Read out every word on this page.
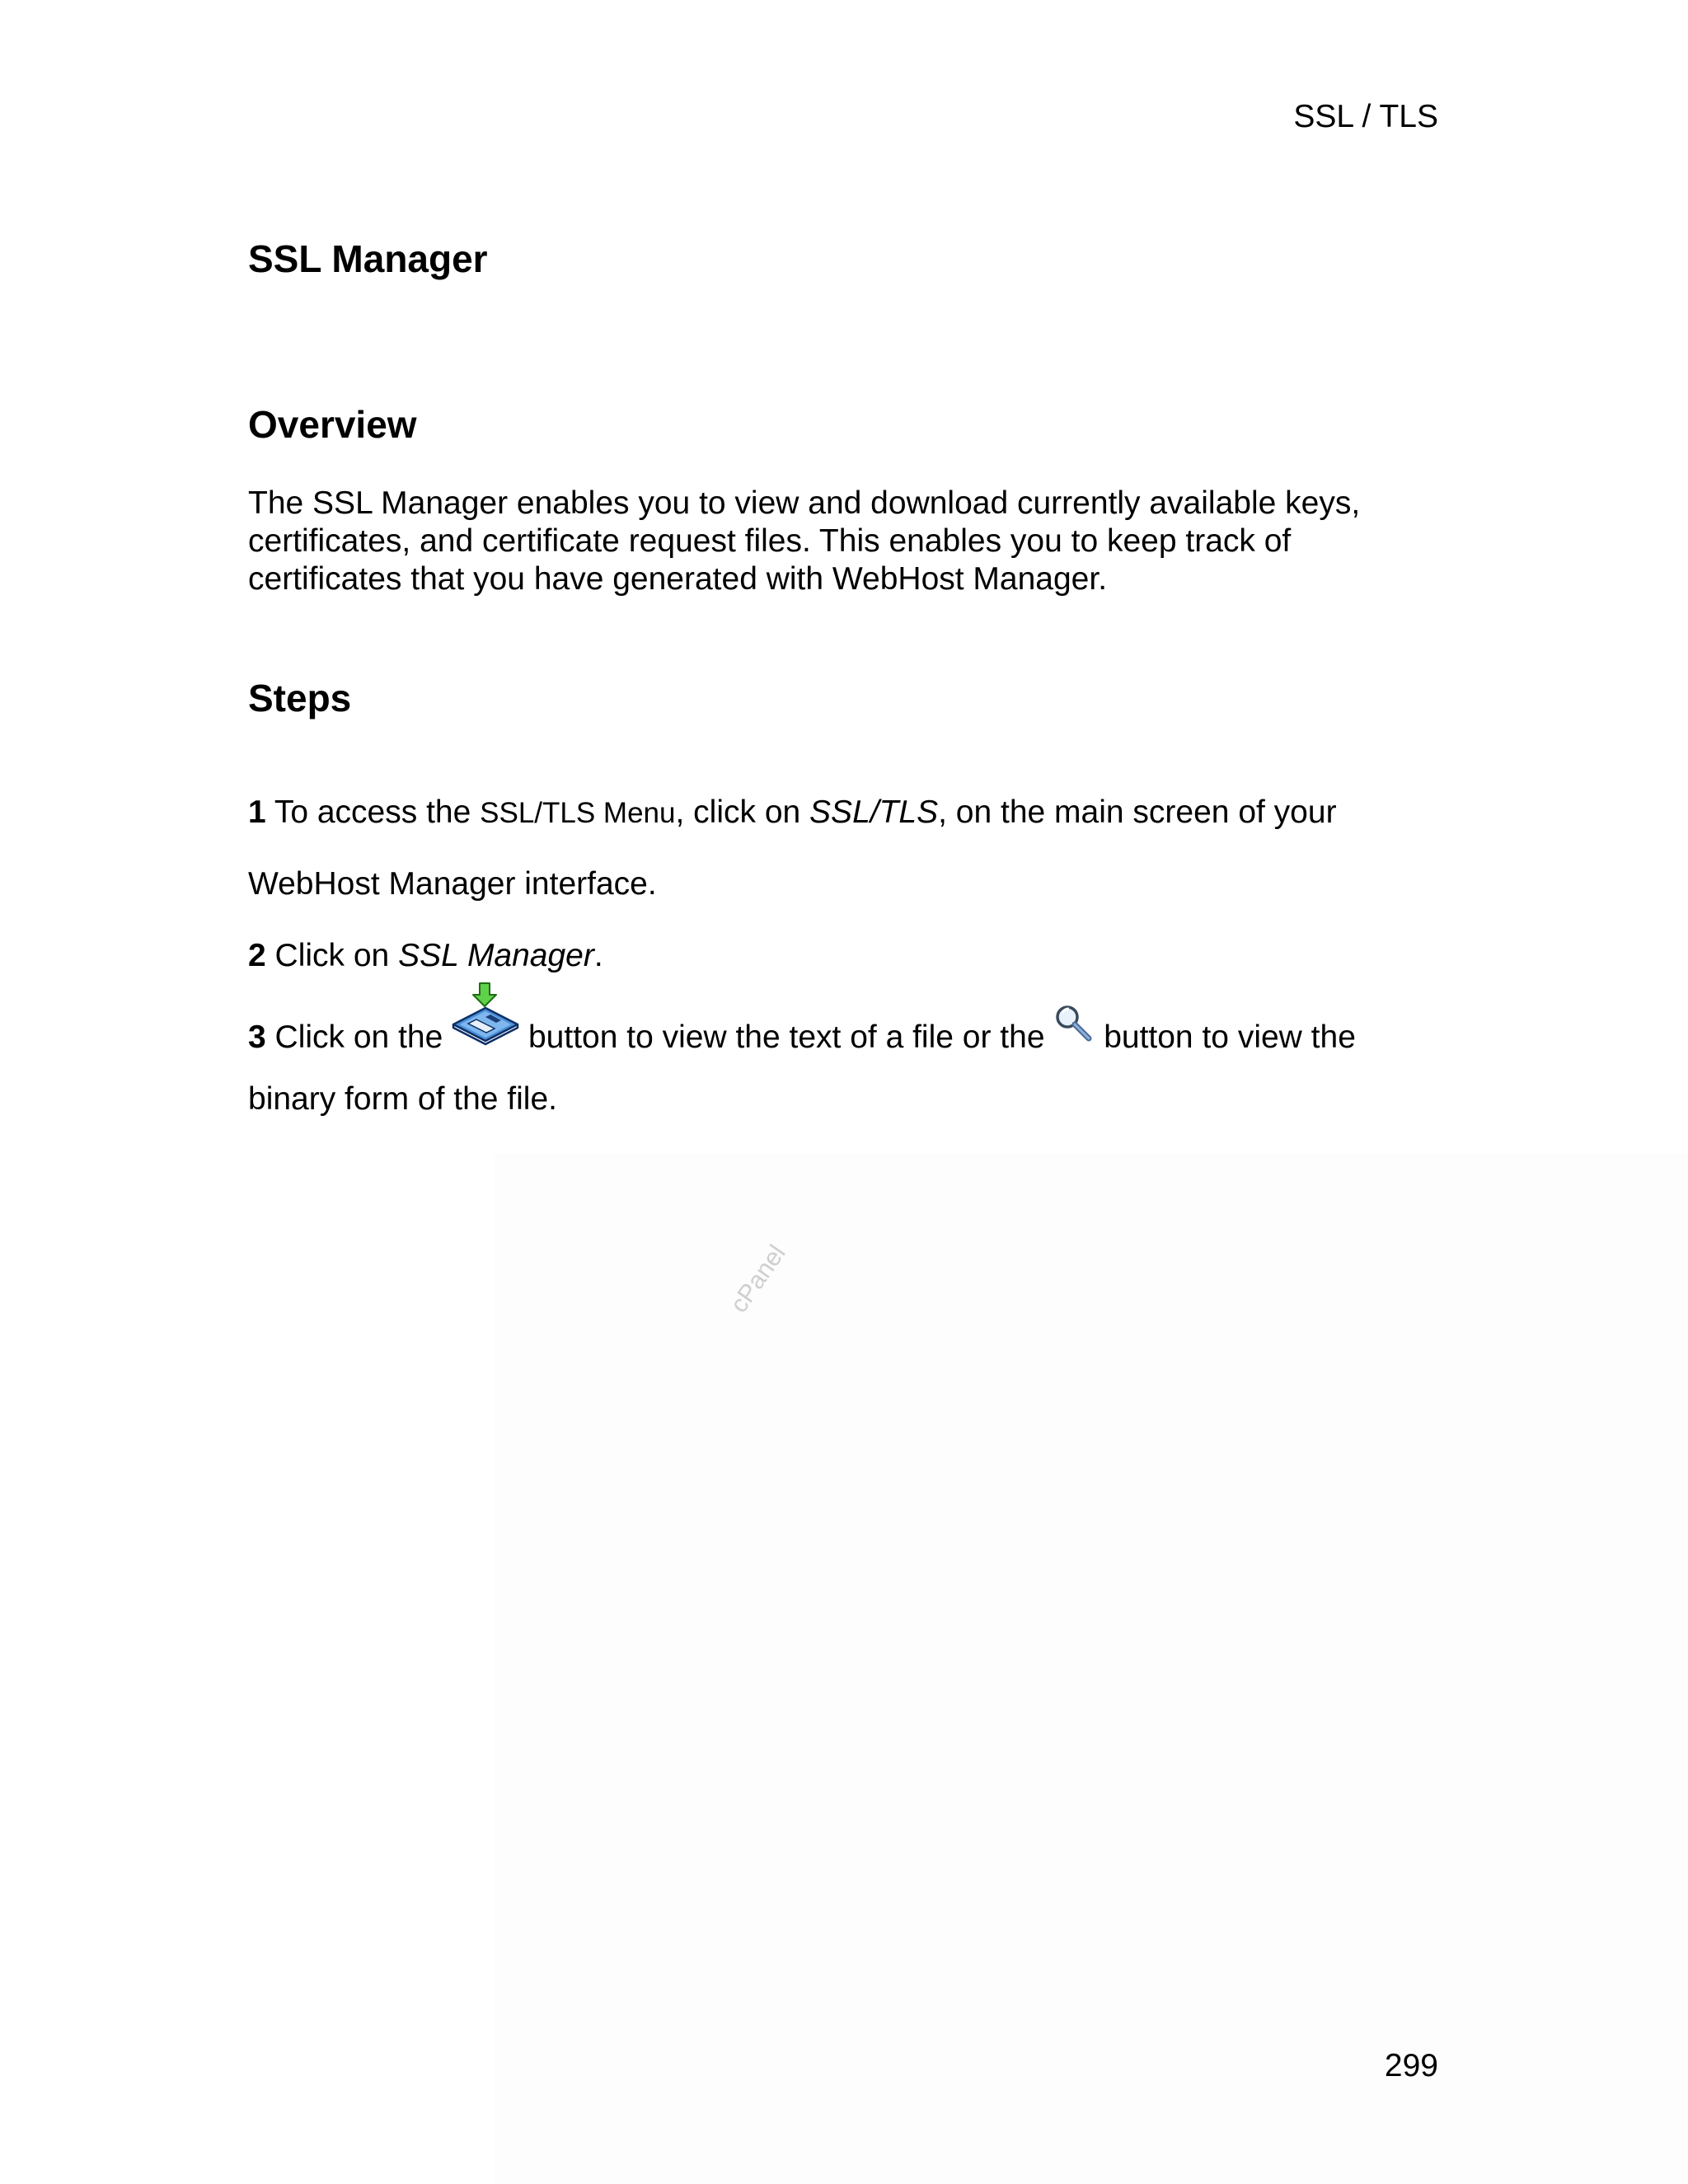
SSL / TLS
SSL Manager
Overview
The SSL Manager enables you to view and download currently available keys,
certificates, and certificate request files. This enables you to keep track of
certificates that you have generated with WebHost Manager.
Steps
1 To access the SSL/TLS Menu, click on SSL/TLS, on the main screen of your
WebHost Manager interface.
2 Click on SSL Manager.
3 Click on the
button to view the text of a file or the
button to view the
binary form of the file.
cPanel
299
